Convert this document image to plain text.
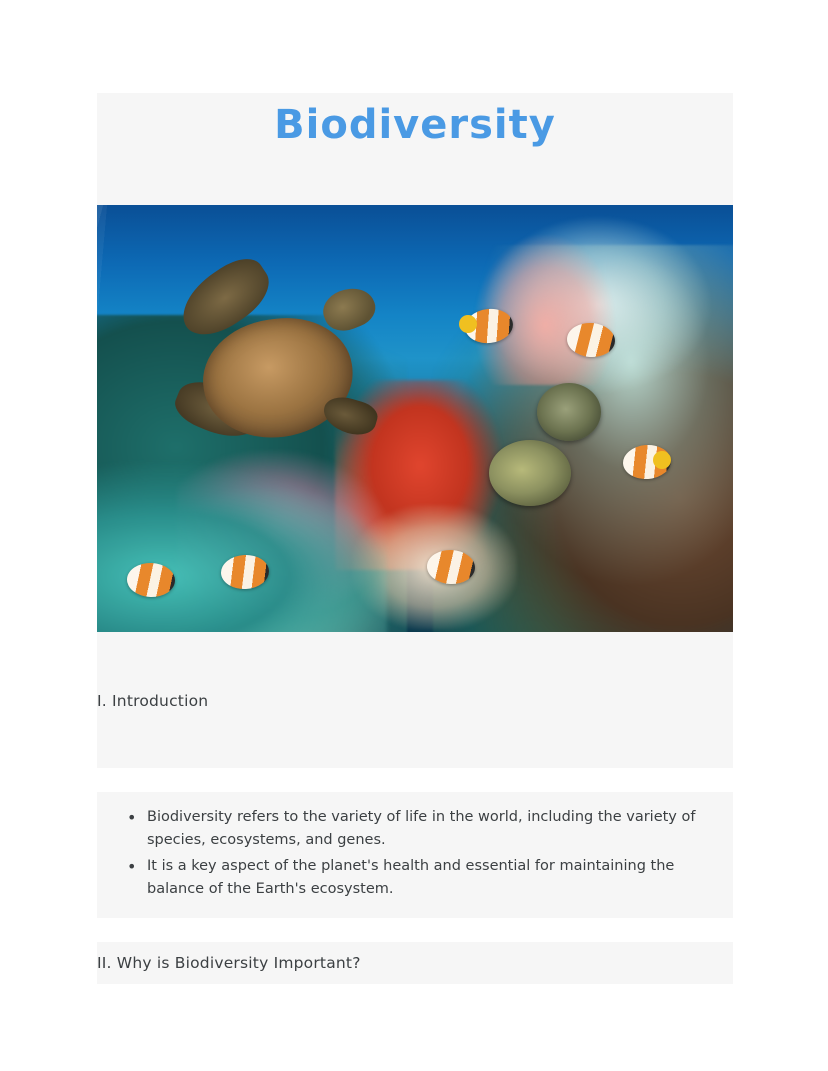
Biodiversity

I. Introduction

• Biodiversity refers to the variety of life in the world, including the variety of species, ecosystems, and genes.
• It is a key aspect of the planet's health and essential for maintaining the balance of the Earth's ecosystem.

II. Why is Biodiversity Important?
